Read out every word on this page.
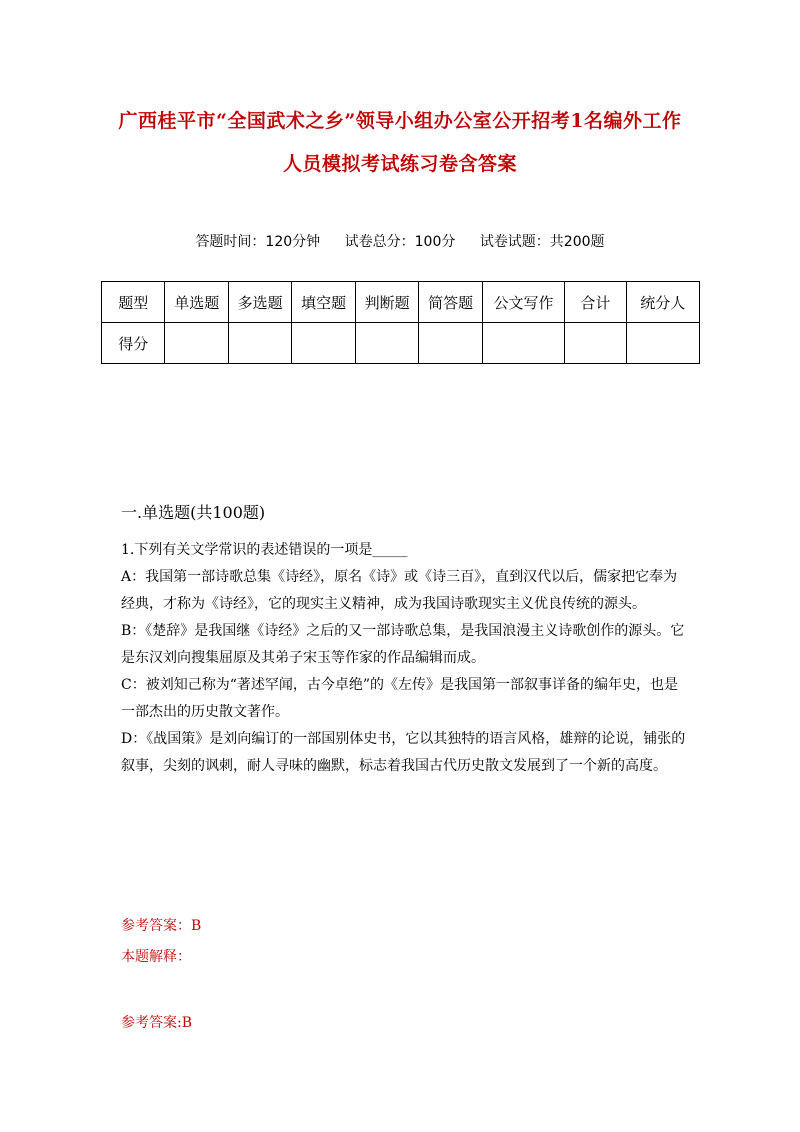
广西桂平市“全国武术之乡”领导小组办公室公开招考1名编外工作
人员模拟考试练习卷含答案
答题时间：120分钟 试卷总分：100分 试卷试题：共200题
题型	单选题	多选题	填空题	判断题	简答题	公文写作	合计	统分人
得分								
一.单选题(共100题)

1.下列有关文学常识的表述错误的一项是_____

A：我国第一部诗歌总集《诗经》，原名《诗》或《诗三百》，直到汉代以后，儒家把它奉为经典，才称为《诗经》，它的现实主义精神，成为我国诗歌现实主义优良传统的源头。

B：《楚辞》是我国继《诗经》之后的又一部诗歌总集，是我国浪漫主义诗歌创作的源头。它是东汉刘向搜集屈原及其弟子宋玉等作家的作品编辑而成。

C：被刘知己称为“著述罕闻，古今卓绝”的《左传》是我国第一部叙事详备的编年史，也是一部杰出的历史散文著作。

D：《战国策》是刘向编订的一部国别体史书，它以其独特的语言风格，雄辩的论说，铺张的叙事，尖刻的讽刺，耐人寻味的幽默，标志着我国古代历史散文发展到了一个新的高度。

参考答案：B
本题解释：
参考答案:B
